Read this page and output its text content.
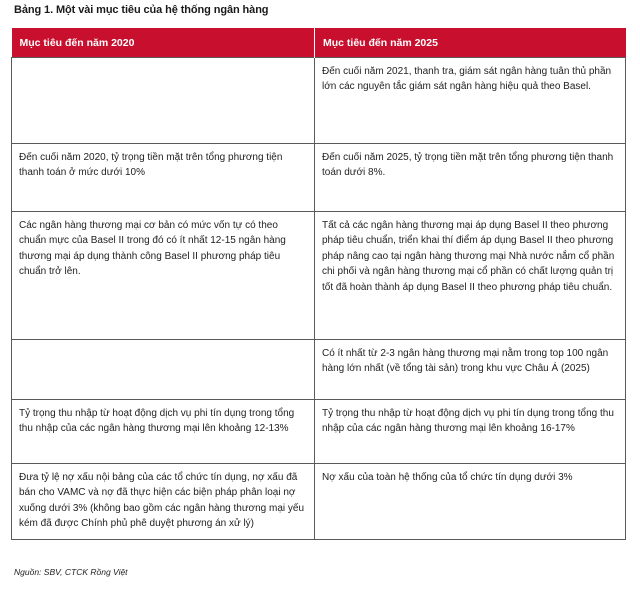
Bảng 1. Một vài mục tiêu của hệ thống ngân hàng
Mục tiêu đến năm 2020	Mục tiêu đến năm 2025
	Đến cuối năm 2021, thanh tra, giám sát ngân hàng tuân thủ phần lớn các nguyên tắc giám sát ngân hàng hiệu quả theo Basel.
Đến cuối năm 2020, tỷ trọng tiền mặt trên tổng phương tiện thanh toán ở mức dưới 10%	Đến cuối năm 2025, tỷ trọng tiền mặt trên tổng phương tiện thanh toán dưới 8%.
Các ngân hàng thương mại cơ bản có mức vốn tự có theo chuẩn mực của Basel II trong đó có ít nhất 12-15 ngân hàng thương mại áp dụng thành công Basel II phương pháp tiêu chuẩn trở lên.	Tất cả các ngân hàng thương mại áp dụng Basel II theo phương pháp tiêu chuẩn, triển khai thí điểm áp dụng Basel II theo phương pháp nâng cao tại ngân hàng thương mại Nhà nước nắm cổ phần chi phối và ngân hàng thương mại cổ phần có chất lượng quản trị tốt đã hoàn thành áp dụng Basel II theo phương pháp tiêu chuẩn.
	Có ít nhất từ 2-3 ngân hàng thương mại nằm trong top 100 ngân hàng lớn nhất (về tổng tài sản) trong khu vực Châu Á (2025)
Tỷ trọng thu nhập từ hoạt động dịch vụ phi tín dụng trong tổng thu nhập của các ngân hàng thương mại lên khoảng 12-13%	Tỷ trọng thu nhập từ hoạt động dịch vụ phi tín dụng trong tổng thu nhập của các ngân hàng thương mại lên khoảng 16-17%
Đưa tỷ lệ nợ xấu nội bảng của các tổ chức tín dụng, nợ xấu đã bán cho VAMC và nợ đã thực hiện các biện pháp phân loại nợ xuống dưới 3% (không bao gồm các ngân hàng thương mại yếu kém đã được Chính phủ phê duyệt phương án xử lý)	Nợ xấu của toàn hệ thống của tổ chức tín dụng dưới 3%
Nguồn: SBV, CTCK Rồng Việt
